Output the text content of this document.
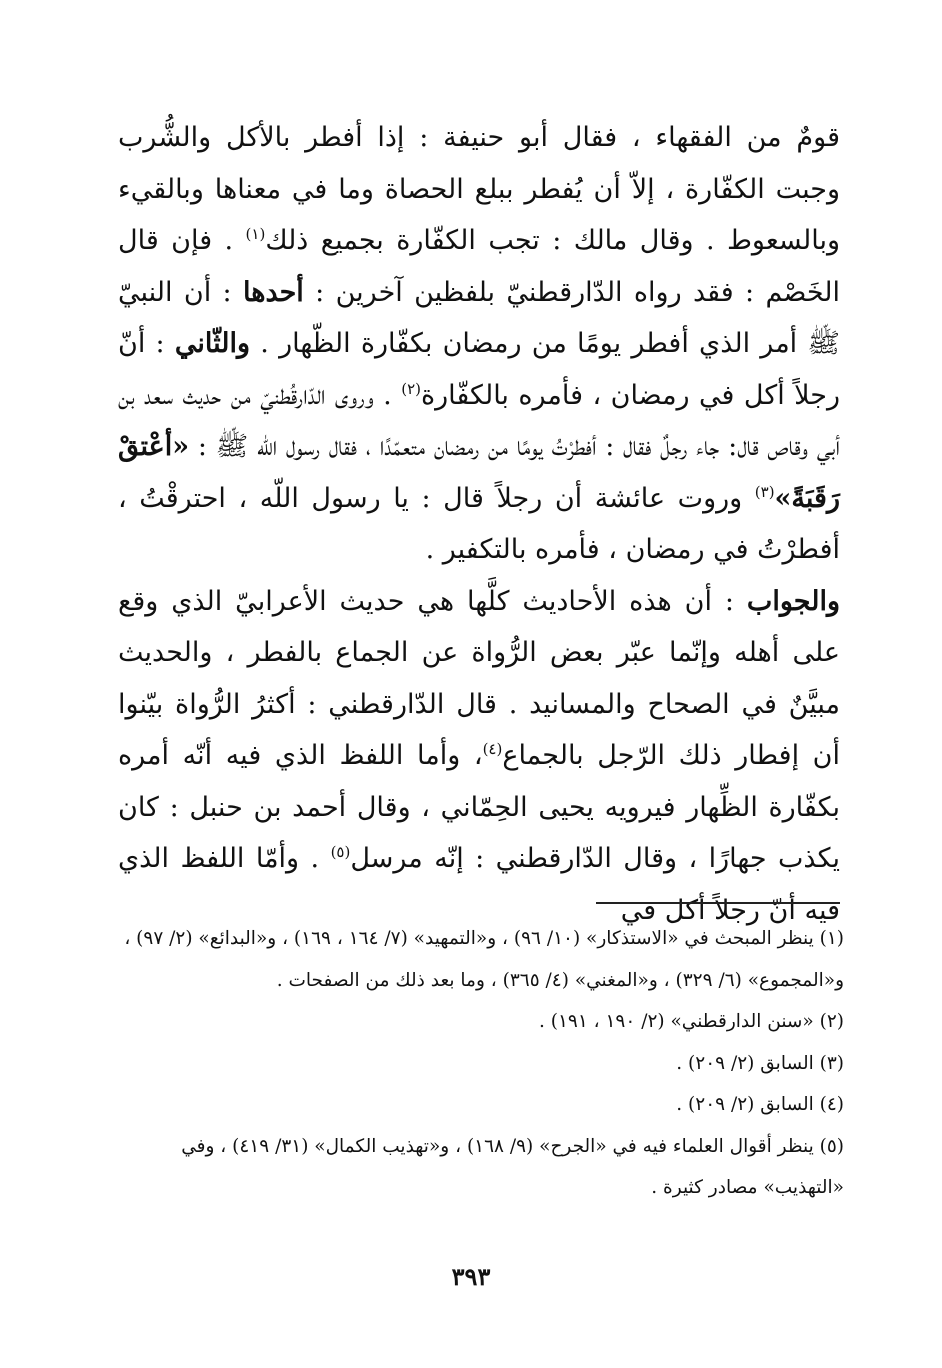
قومٌ من الفقهاء ، فقال أبو حنيفة : إذا أفطر بالأكل والشُّرب وجبت الكفّارة ، إلاّ أن يُفطر ببلع الحصاة وما في معناها وبالقيء وبالسعوط . وقال مالك : تجب الكفّارة بجميع ذلك$^{(١)}$ . فإن قال الخَصْم : فقد رواه الدّارقطنيّ بلفظين آخرين : أحدها : أن النبيّ ﷺ أمر الذي أفطر يومًا من رمضان بكفّارة الظّهار . والثّاني : أنّ رجلاً أكل في رمضان ، فأمره بالكفّارة$^{(٢)}$ . وروى الدّارقُطنيّ من حديث سعد بن أبي وقاص قال: جاء رجلٌ فقال : أفطرْتُ يومًا من رمضان متعمّدًا ، فقال رسول اللّه ﷺ : «أعْتقْ رَقَبَةً»$^{(٣)}$ وروت عائشة أن رجلاً قال : يا رسول اللّه ، احترقْتُ ، أفطرْتُ في رمضان ، فأمره بالتكفير .

والجواب : أن هذه الأحاديث كلَّها هي حديث الأعرابيّ الذي وقع على أهله وإنّما عبّر بعض الرُّواة عن الجماع بالفطر ، والحديث مبيَّنٌ في الصحاح والمسانيد . قال الدّارقطني : أكثرُ الرُّواة بيّنوا أن إفطار ذلك الرّجل بالجماع$^{(٤)}$، وأما اللفظ الذي فيه أنّه أمره بكفّارة الظِّهار فيرويه يحيى الحِمّاني ، وقال أحمد بن حنبل : كان يكذب جهارًا ، وقال الدّارقطني : إنّه مرسل$^{(٥)}$ . وأمّا اللفظ الذي فيه أنّ رجلاً أكل في

(١) ينظر المبحث في «الاستذكار» (١٠/ ٩٦) ، و«التمهيد» (٧/ ١٦٤ ، ١٦٩) ، و«البدائع» (٢/ ٩٧) ، و«المجموع» (٦/ ٣٢٩) ، و«المغني» (٤/ ٣٦٥) ، وما بعد ذلك من الصفحات .

(٢) «سنن الدارقطني» (٢/ ١٩٠ ، ١٩١) .

(٣) السابق (٢/ ٢٠٩) .

(٤) السابق (٢/ ٢٠٩) .

(٥) ينظر أقوال العلماء فيه في «الجرح» (٩/ ١٦٨) ، و«تهذيب الكمال» (٣١/ ٤١٩) ، وفي «التهذيب» مصادر كثيرة .

٣٩٣
